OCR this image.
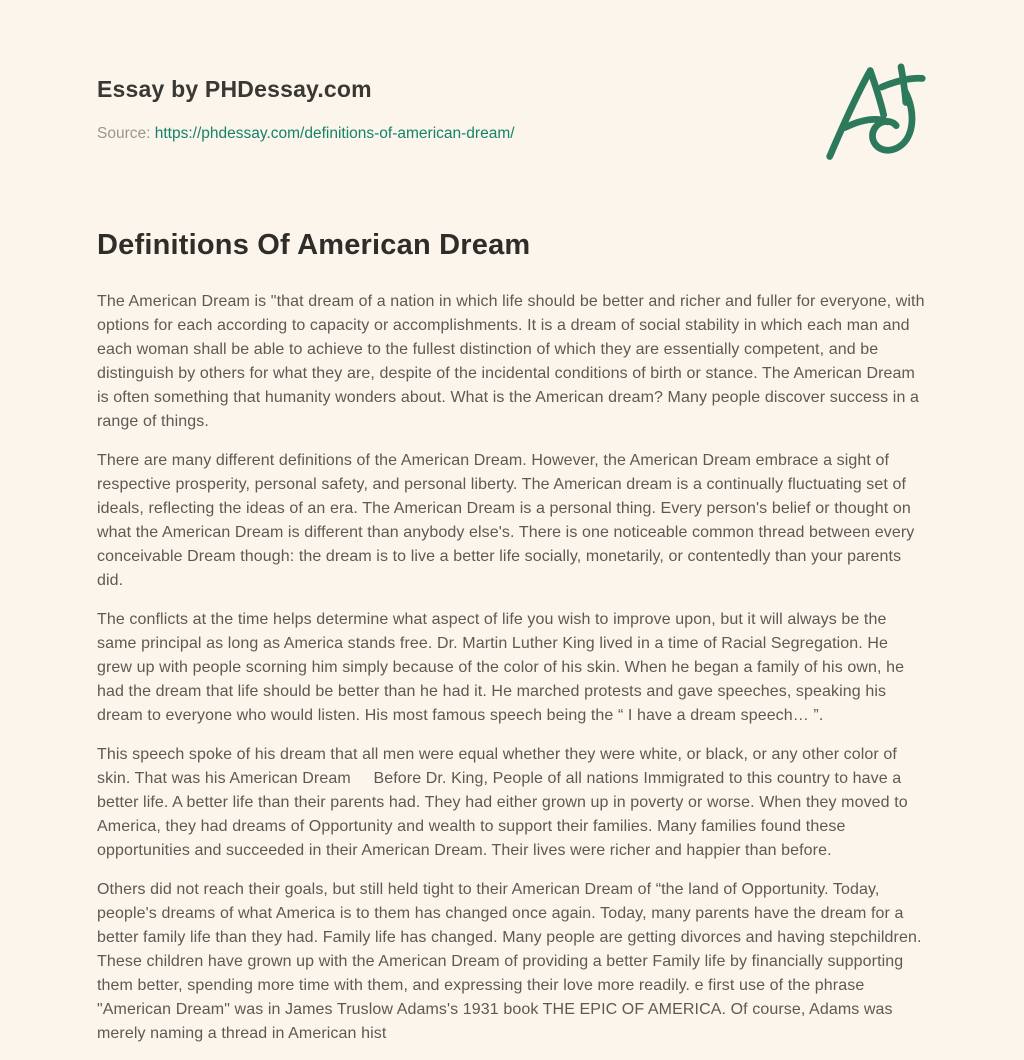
Essay by PHDessay.com
Source: https://phdessay.com/definitions-of-american-dream/
Definitions Of American Dream

The American Dream is "that dream of a nation in which life should be better and richer and fuller for everyone, with options for each according to capacity or accomplishments. It is a dream of social stability in which each man and each woman shall be able to achieve to the fullest distinction of which they are essentially competent, and be distinguish by others for what they are, despite of the incidental conditions of birth or stance. The American Dream is often something that humanity wonders about. What is the American dream? Many people discover success in a range of things.

There are many different definitions of the American Dream. However, the American Dream embrace a sight of respective prosperity, personal safety, and personal liberty. The American dream is a continually fluctuating set of ideals, reflecting the ideas of an era. The American Dream is a personal thing. Every person's belief or thought on what the American Dream is different than anybody else's. There is one noticeable common thread between every conceivable Dream though: the dream is to live a better life socially, monetarily, or contentedly than your parents did.

The conflicts at the time helps determine what aspect of life you wish to improve upon, but it will always be the same principal as long as America stands free. Dr. Martin Luther King lived in a time of Racial Segregation. He grew up with people scorning him simply because of the color of his skin. When he began a family of his own, he had the dream that life should be better than he had it. He marched protests and gave speeches, speaking his dream to everyone who would listen. His most famous speech being the “ I have a dream speech… ”.

This speech spoke of his dream that all men were equal whether they were white, or black, or any other color of skin. That was his American Dream     Before Dr. King, People of all nations Immigrated to this country to have a better life. A better life than their parents had. They had either grown up in poverty or worse. When they moved to America, they had dreams of Opportunity and wealth to support their families. Many families found these opportunities and succeeded in their American Dream. Their lives were richer and happier than before.

Others did not reach their goals, but still held tight to their American Dream of “the land of Opportunity. Today, people's dreams of what America is to them has changed once again. Today, many parents have the dream for a better family life than they had. Family life has changed. Many people are getting divorces and having stepchildren. These children have grown up with the American Dream of providing a better Family life by financially supporting them better, spending more time with them, and expressing their love more readily. e first use of the phrase "American Dream" was in James Truslow Adams's 1931 book THE EPIC OF AMERICA. Of course, Adams was merely naming a thread in American hist
